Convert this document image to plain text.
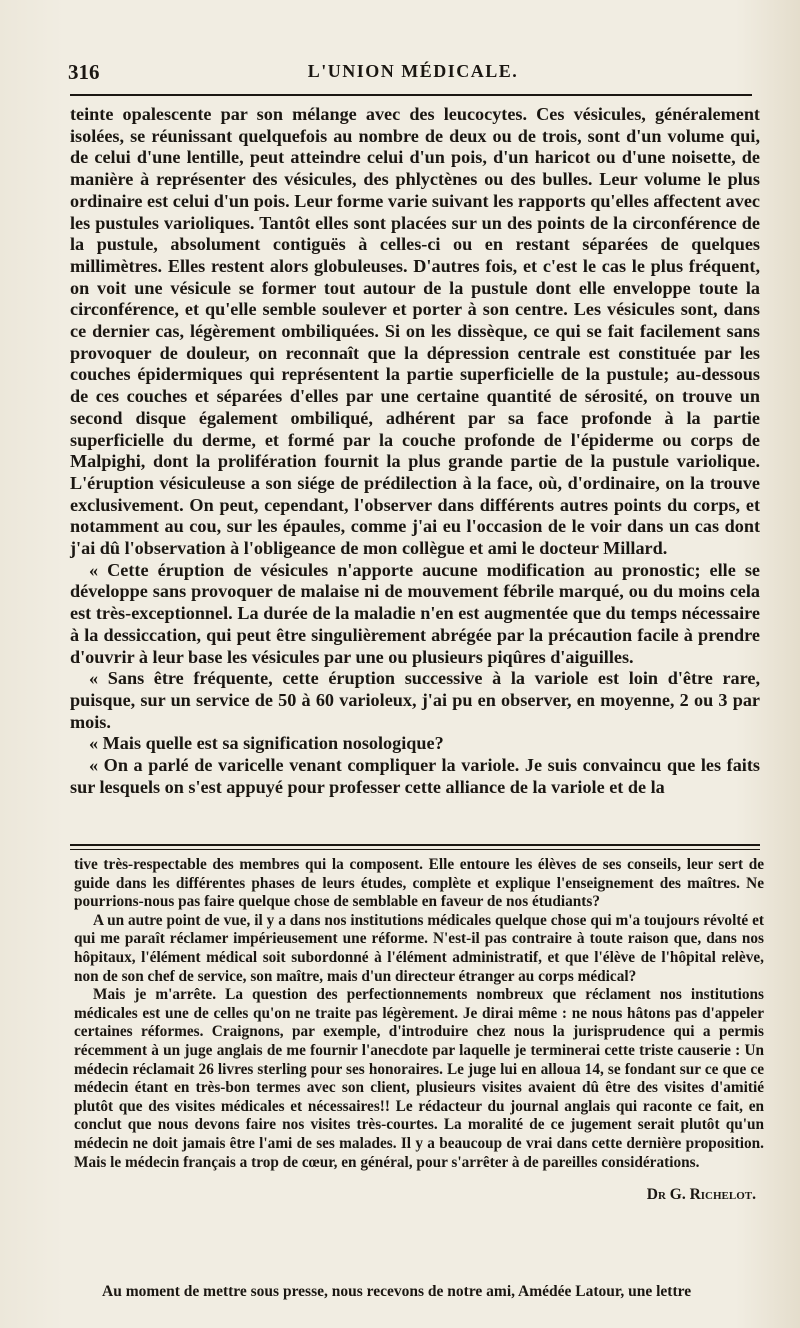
316	L'UNION MÉDICALE.

teinte opalescente par son mélange avec des leucocytes. Ces vésicules, généralement isolées, se réunissant quelquefois au nombre de deux ou de trois, sont d'un volume qui, de celui d'une lentille, peut atteindre celui d'un pois, d'un haricot ou d'une noisette, de manière à représenter des vésicules, des phlyctènes ou des bulles. Leur volume le plus ordinaire est celui d'un pois. Leur forme varie suivant les rapports qu'elles affectent avec les pustules varioliques. Tantôt elles sont placées sur un des points de la circonférence de la pustule, absolument contiguës à celles-ci ou en restant séparées de quelques millimètres. Elles restent alors globuleuses. D'autres fois, et c'est le cas le plus fréquent, on voit une vésicule se former tout autour de la pustule dont elle enveloppe toute la circonférence, et qu'elle semble soulever et porter à son centre. Les vésicules sont, dans ce dernier cas, légèrement ombiliquées. Si on les dissèque, ce qui se fait facilement sans provoquer de douleur, on reconnaît que la dépression centrale est constituée par les couches épidermiques qui représentent la partie superficielle de la pustule; au-dessous de ces couches et séparées d'elles par une certaine quantité de sérosité, on trouve un second disque également ombiliqué, adhérent par sa face profonde à la partie superficielle du derme, et formé par la couche profonde de l'épiderme ou corps de Malpighi, dont la prolifération fournit la plus grande partie de la pustule variolique. L'éruption vésiculeuse a son siége de prédilection à la face, où, d'ordinaire, on la trouve exclusivement. On peut, cependant, l'observer dans différents autres points du corps, et notamment au cou, sur les épaules, comme j'ai eu l'occasion de le voir dans un cas dont j'ai dû l'observation à l'obligeance de mon collègue et ami le docteur Millard.

« Cette éruption de vésicules n'apporte aucune modification au pronostic; elle se développe sans provoquer de malaise ni de mouvement fébrile marqué, ou du moins cela est très-exceptionnel. La durée de la maladie n'en est augmentée que du temps nécessaire à la dessiccation, qui peut être singulièrement abrégée par la précaution facile à prendre d'ouvrir à leur base les vésicules par une ou plusieurs piqûres d'aiguilles.

« Sans être fréquente, cette éruption successive à la variole est loin d'être rare, puisque, sur un service de 50 à 60 varioleux, j'ai pu en observer, en moyenne, 2 ou 3 par mois.

« Mais quelle est sa signification nosologique?

« On a parlé de varicelle venant compliquer la variole. Je suis convaincu que les faits sur lesquels on s'est appuyé pour professer cette alliance de la variole et de la

tive très-respectable des membres qui la composent. Elle entoure les élèves de ses conseils, leur sert de guide dans les différentes phases de leurs études, complète et explique l'enseignement des maîtres. Ne pourrions-nous pas faire quelque chose de semblable en faveur de nos étudiants?

A un autre point de vue, il y a dans nos institutions médicales quelque chose qui m'a toujours révolté et qui me paraît réclamer impérieusement une réforme. N'est-il pas contraire à toute raison que, dans nos hôpitaux, l'élément médical soit subordonné à l'élément administratif, et que l'élève de l'hôpital relève, non de son chef de service, son maître, mais d'un directeur étranger au corps médical?

Mais je m'arrête. La question des perfectionnements nombreux que réclament nos institutions médicales est une de celles qu'on ne traite pas légèrement. Je dirai même : ne nous hâtons pas d'appeler certaines réformes. Craignons, par exemple, d'introduire chez nous la jurisprudence qui a permis récemment à un juge anglais de me fournir l'anecdote par laquelle je terminerai cette triste causerie : Un médecin réclamait 26 livres sterling pour ses honoraires. Le juge lui en alloua 14, se fondant sur ce que ce médecin étant en très-bon termes avec son client, plusieurs visites avaient dû être des visites d'amitié plutôt que des visites médicales et nécessaires!! Le rédacteur du journal anglais qui raconte ce fait, en conclut que nous devons faire nos visites très-courtes. La moralité de ce jugement serait plutôt qu'un médecin ne doit jamais être l'ami de ses malades. Il y a beaucoup de vrai dans cette dernière proposition. Mais le médecin français a trop de cœur, en général, pour s'arrêter à de pareilles considérations.

Dr G. Richelot.
Au moment de mettre sous presse, nous recevons de notre ami, Amédée Latour, une lettre
